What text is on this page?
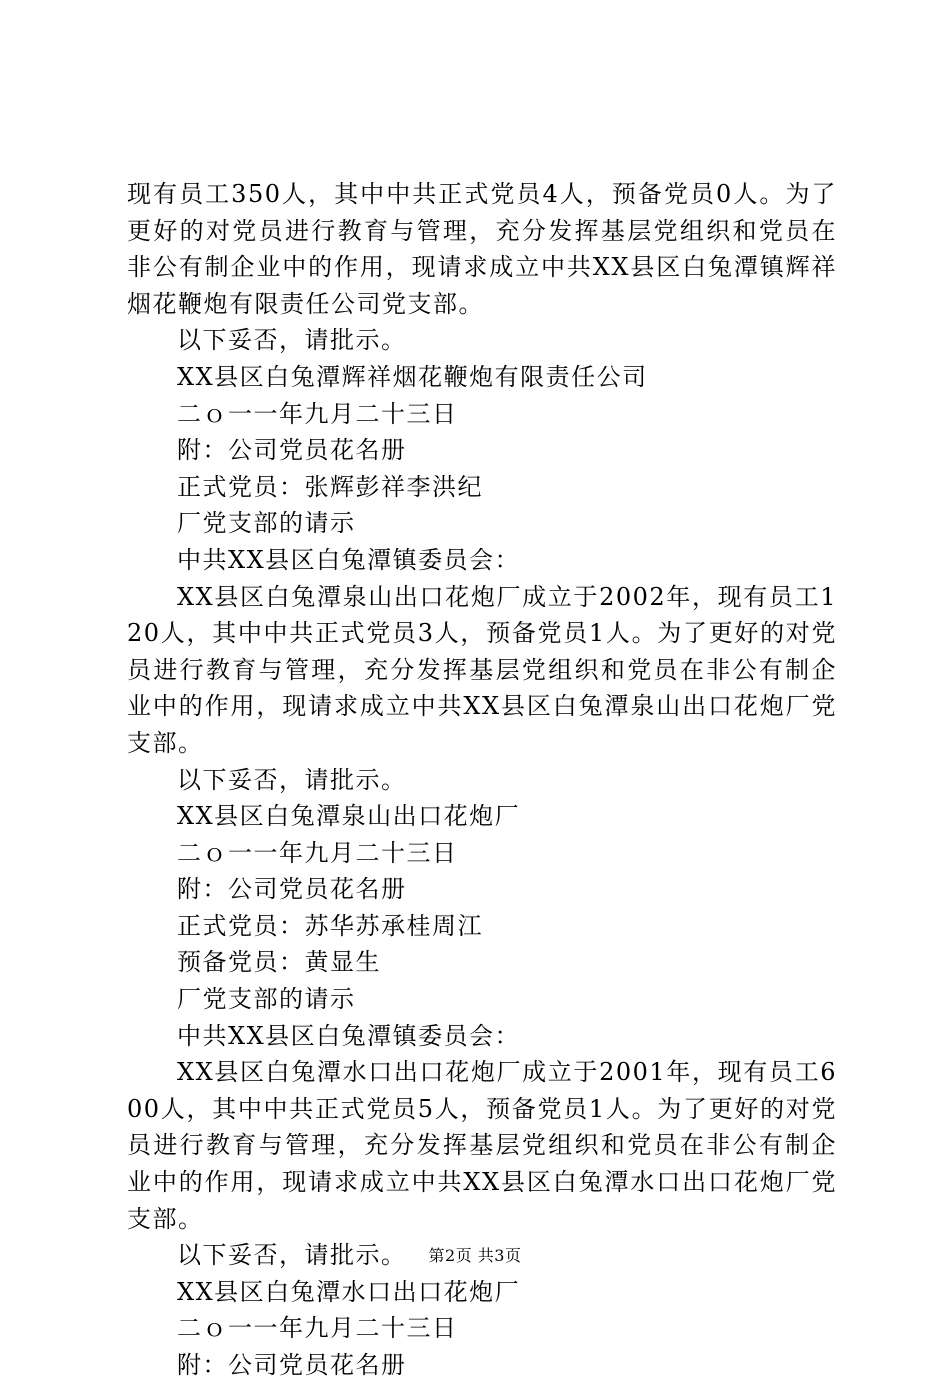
现有员工350人，其中中共正式党员4人，预备党员0人。为了更好的对党员进行教育与管理，充分发挥基层党组织和党员在非公有制企业中的作用，现请求成立中共XX县区白兔潭镇辉祥烟花鞭炮有限责任公司党支部。

以下妥否，请批示。

XX县区白兔潭辉祥烟花鞭炮有限责任公司

二ｏ一一年九月二十三日

附：公司党员花名册

正式党员：张辉彭祥李洪纪

厂党支部的请示

中共XX县区白兔潭镇委员会：

XX县区白兔潭泉山出口花炮厂成立于2002年，现有员工120人，其中中共正式党员3人，预备党员1人。为了更好的对党员进行教育与管理，充分发挥基层党组织和党员在非公有制企业中的作用，现请求成立中共XX县区白兔潭泉山出口花炮厂党支部。

以下妥否，请批示。

XX县区白兔潭泉山出口花炮厂

二ｏ一一年九月二十三日

附：公司党员花名册

正式党员：苏华苏承桂周江

预备党员：黄显生

厂党支部的请示

中共XX县区白兔潭镇委员会：

XX县区白兔潭水口出口花炮厂成立于2001年，现有员工600人，其中中共正式党员5人，预备党员1人。为了更好的对党员进行教育与管理，充分发挥基层党组织和党员在非公有制企业中的作用，现请求成立中共XX县区白兔潭水口出口花炮厂党支部。

以下妥否，请批示。

XX县区白兔潭水口出口花炮厂

二ｏ一一年九月二十三日

附：公司党员花名册

第2页 共3页
